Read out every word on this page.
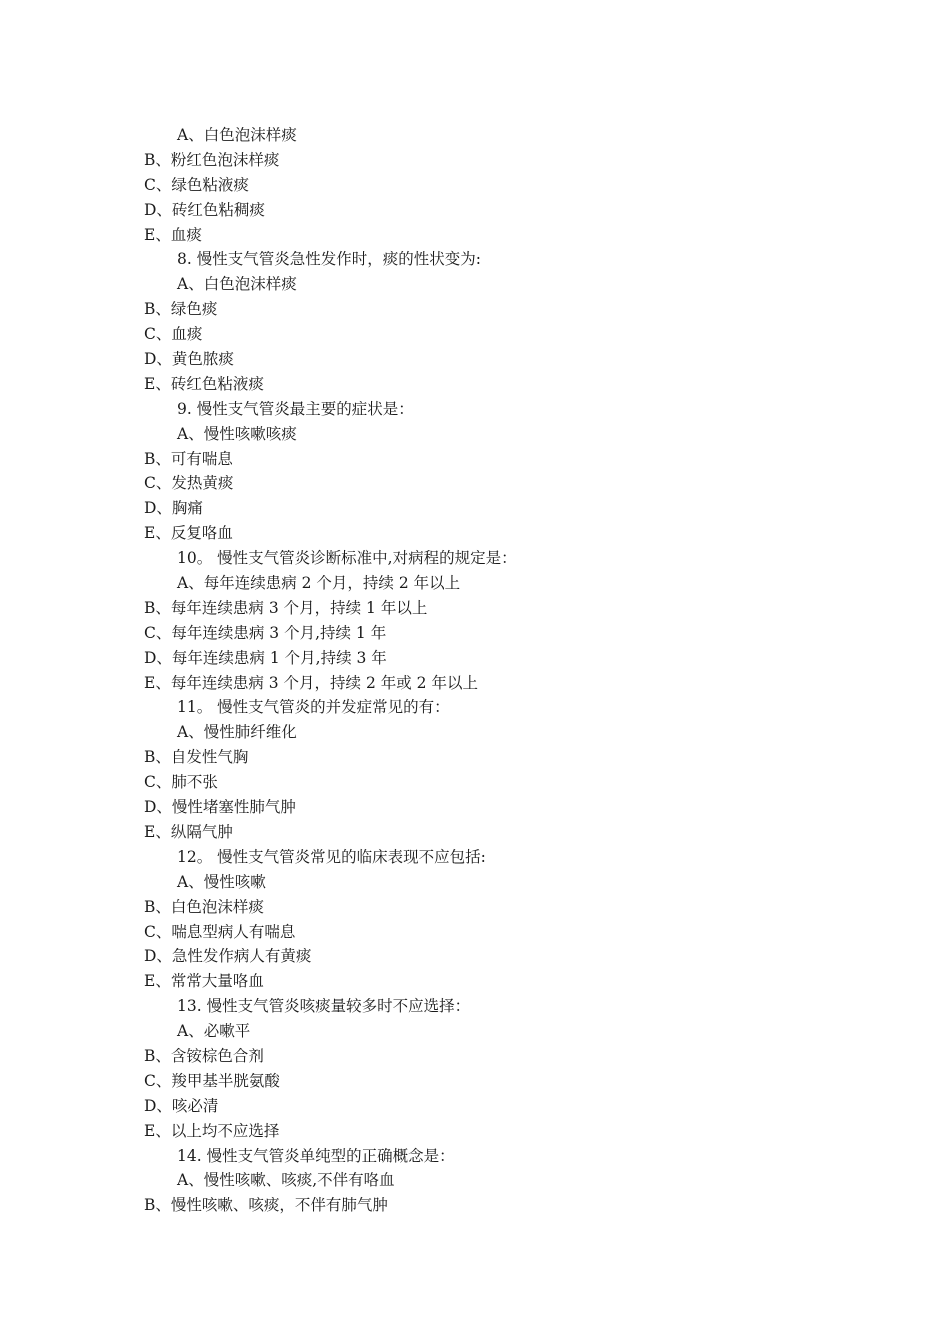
A、白色泡沫样痰
B、粉红色泡沫样痰
C、绿色粘液痰
D、砖红色粘稠痰
E、血痰
8. 慢性支气管炎急性发作时，痰的性状变为:
A、白色泡沫样痰
B、绿色痰
C、血痰
D、黄色脓痰
E、砖红色粘液痰
9. 慢性支气管炎最主要的症状是：
A、慢性咳嗽咳痰
B、可有喘息
C、发热黄痰
D、胸痛
E、反复咯血
10。 慢性支气管炎诊断标准中,对病程的规定是：
A、每年连续患病 2 个月，持续 2 年以上
B、每年连续患病 3 个月，持续 1 年以上
C、每年连续患病 3 个月,持续 1 年
D、每年连续患病 1 个月,持续 3 年
E、每年连续患病 3 个月，持续 2 年或 2 年以上
11。 慢性支气管炎的并发症常见的有：
A、慢性肺纤维化
B、自发性气胸
C、肺不张
D、慢性堵塞性肺气肿
E、纵隔气肿
12。 慢性支气管炎常见的临床表现不应包括:
A、慢性咳嗽
B、白色泡沫样痰
C、喘息型病人有喘息
D、急性发作病人有黄痰
E、常常大量咯血
13. 慢性支气管炎咳痰量较多时不应选择：
A、必嗽平
B、含铵棕色合剂
C、羧甲基半胱氨酸
D、咳必清
E、以上均不应选择
14. 慢性支气管炎单纯型的正确概念是：
A、慢性咳嗽、咳痰,不伴有咯血
B、慢性咳嗽、咳痰，不伴有肺气肿
